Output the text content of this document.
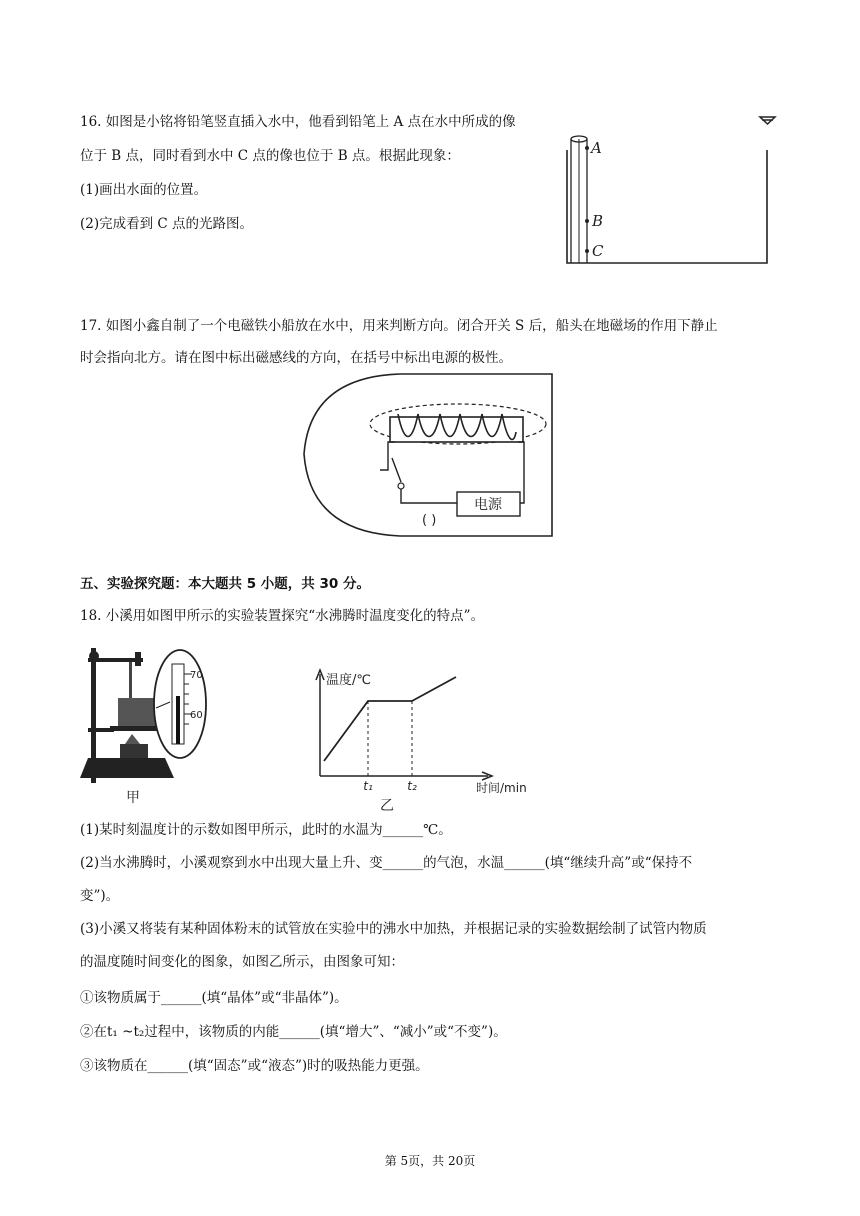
16. 如图是小铭将铅笔竖直插入水中，他看到铅笔上 A 点在水中所成的像
位于 B 点，同时看到水中 C 点的像也位于 B 点。根据此现象：
(1)画出水面的位置。
(2)完成看到 C 点的光路图。
A
B
C
17. 如图小鑫自制了一个电磁铁小船放在水中，用来判断方向。闭合开关 S 后，船头在地磁场的作用下静止
时会指向北方。请在图中标出磁感线的方向，在括号中标出电源的极性。
电源
( )
五、实验探究题：本大题共 5 小题，共 30 分。
18. 小溪用如图甲所示的实验装置探究“水沸腾时温度变化的特点”。
70
60
甲
温度/℃
时间/min
t₁	t₂
乙
(1)某时刻温度计的示数如图甲所示，此时的水温为______℃。
(2)当水沸腾时，小溪观察到水中出现大量上升、变______的气泡，水温______(填“继续升高”或“保持不
变”)。
(3)小溪又将装有某种固体粉末的试管放在实验中的沸水中加热，并根据记录的实验数据绘制了试管内物质
的温度随时间变化的图象，如图乙所示，由图象可知：
①该物质属于______(填“晶体”或“非晶体”)。
②在t₁ ~t₂过程中，该物质的内能______(填“增大”、“减小”或“不变”)。
③该物质在______(填“固态”或“液态”)时的吸热能力更强。
第 5页，共 20页
